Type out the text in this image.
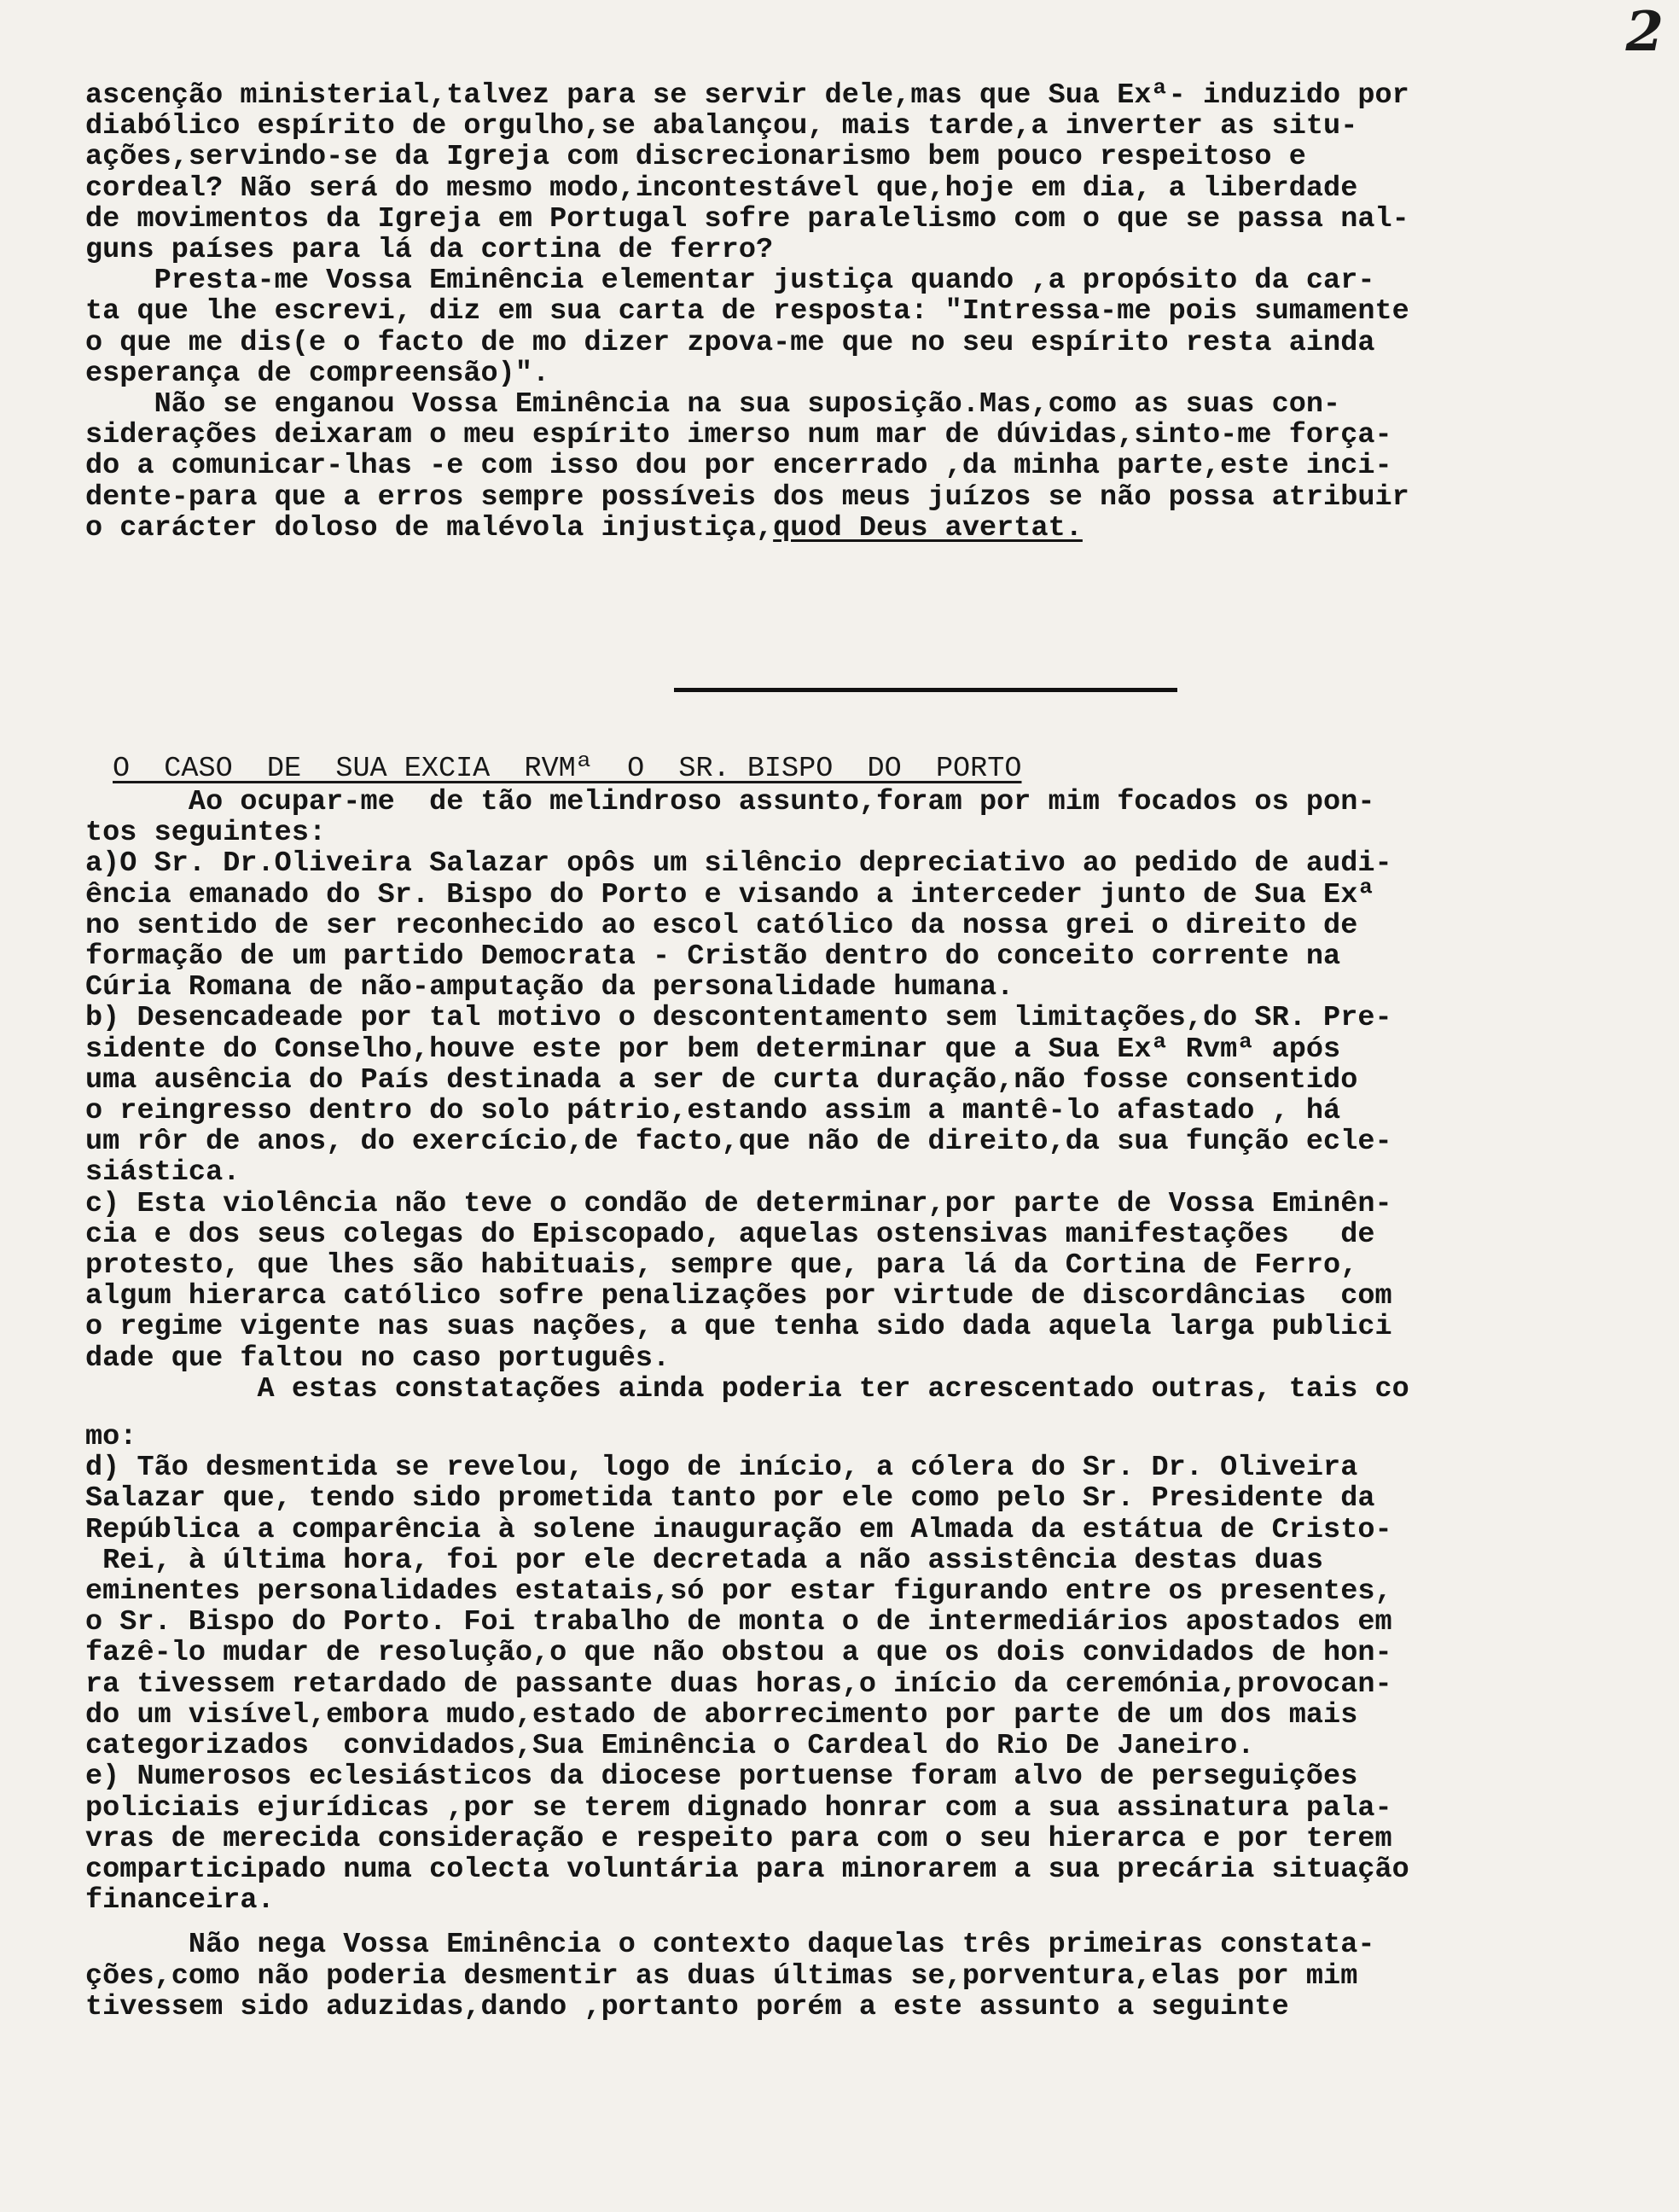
2
ascenção ministerial,talvez para se servir dele,mas que Sua Exª- induzido por
diabólico espírito de orgulho,se abalançou, mais tarde,a inverter as situ-
ações,servindo-se da Igreja com discrecionarismo bem pouco respeitoso e
cordeal? Não será do mesmo modo,incontestável que,hoje em dia, a liberdade
de movimentos da Igreja em Portugal sofre paralelismo com o que se passa nal-
guns países para lá da cortina de ferro?
Presta-me Vossa Eminência elementar justiça quando ,a propósito da car-
ta que lhe escrevi, diz em sua carta de resposta: "Intressa-me pois sumamente
o que me dis(e o facto de mo dizer zpova-me que no seu espírito resta ainda
esperança de compreensão)".
Não se enganou Vossa Eminência na sua suposição.Mas,como as suas con-
siderações deixaram o meu espírito imerso num mar de dúvidas,sinto-me força-
do a comunicar-lhas -e com isso dou por encerrado ,da minha parte,este inci-
dente-para que a erros sempre possíveis dos meus juízos se não possa atribuir
o carácter doloso de malévola injustiça,quod Deus avertat.
O  CASO  DE  SUA EXCIA  RVMª  O  SR. BISPO  DO  PORTO
Ao ocupar-me  de tão melindroso assunto,foram por mim focados os pon-
tos seguintes:
a)O Sr. Dr.Oliveira Salazar opôs um silêncio depreciativo ao pedido de audi-
ência emanado do Sr. Bispo do Porto e visando a interceder junto de Sua Exª
no sentido de ser reconhecido ao escol católico da nossa grei o direito de
formação de um partido Democrata - Cristão dentro do conceito corrente na
Cúria Romana de não-amputação da personalidade humana.
b) Desencadeade por tal motivo o descontentamento sem limitações,do SR. Pre-
sidente do Conselho,houve este por bem determinar que a Sua Exª Rvmª após
uma ausência do País destinada a ser de curta duração,não fosse consentido
o reingresso dentro do solo pátrio,estando assim a mantê-lo afastado , há
um rôr de anos, do exercício,de facto,que não de direito,da sua função ecle-
siástica.
c) Esta violência não teve o condão de determinar,por parte de Vossa Eminên-
cia e dos seus colegas do Episcopado, aquelas ostensivas manifestações   de
protesto, que lhes são habituais, sempre que, para lá da Cortina de Ferro,
algum hierarca católico sofre penalizações por virtude de discordâncias  com
o regime vigente nas suas nações, a que tenha sido dada aquela larga publici
dade que faltou no caso português.
A estas constatações ainda poderia ter acrescentado outras, tais co
mo:
d) Tão desmentida se revelou, logo de início, a cólera do Sr. Dr. Oliveira
Salazar que, tendo sido prometida tanto por ele como pelo Sr. Presidente da
República a comparência à solene inauguração em Almada da estátua de Cristo-
Rei, à última hora, foi por ele decretada a não assistência destas duas
eminentes personalidades estatais,só por estar figurando entre os presentes,
o Sr. Bispo do Porto. Foi trabalho de monta o de intermediários apostados em
fazê-lo mudar de resolução,o que não obstou a que os dois convidados de hon-
ra tivessem retardado de passante duas horas,o início da ceremónia,provocan-
do um visível,embora mudo,estado de aborrecimento por parte de um dos mais
categorizados  convidados,Sua Eminência o Cardeal do Rio De Janeiro.
e) Numerosos eclesiásticos da diocese portuense foram alvo de perseguições
policiais ejurídicas ,por se terem dignado honrar com a sua assinatura pala-
vras de merecida consideração e respeito para com o seu hierarca e por terem
comparticipado numa colecta voluntária para minorarem a sua precária situação
financeira.
Não nega Vossa Eminência o contexto daquelas três primeiras constata-
ções,como não poderia desmentir as duas últimas se,porventura,elas por mim
tivessem sido aduzidas,dando ,portanto porém a este assunto a seguinte
